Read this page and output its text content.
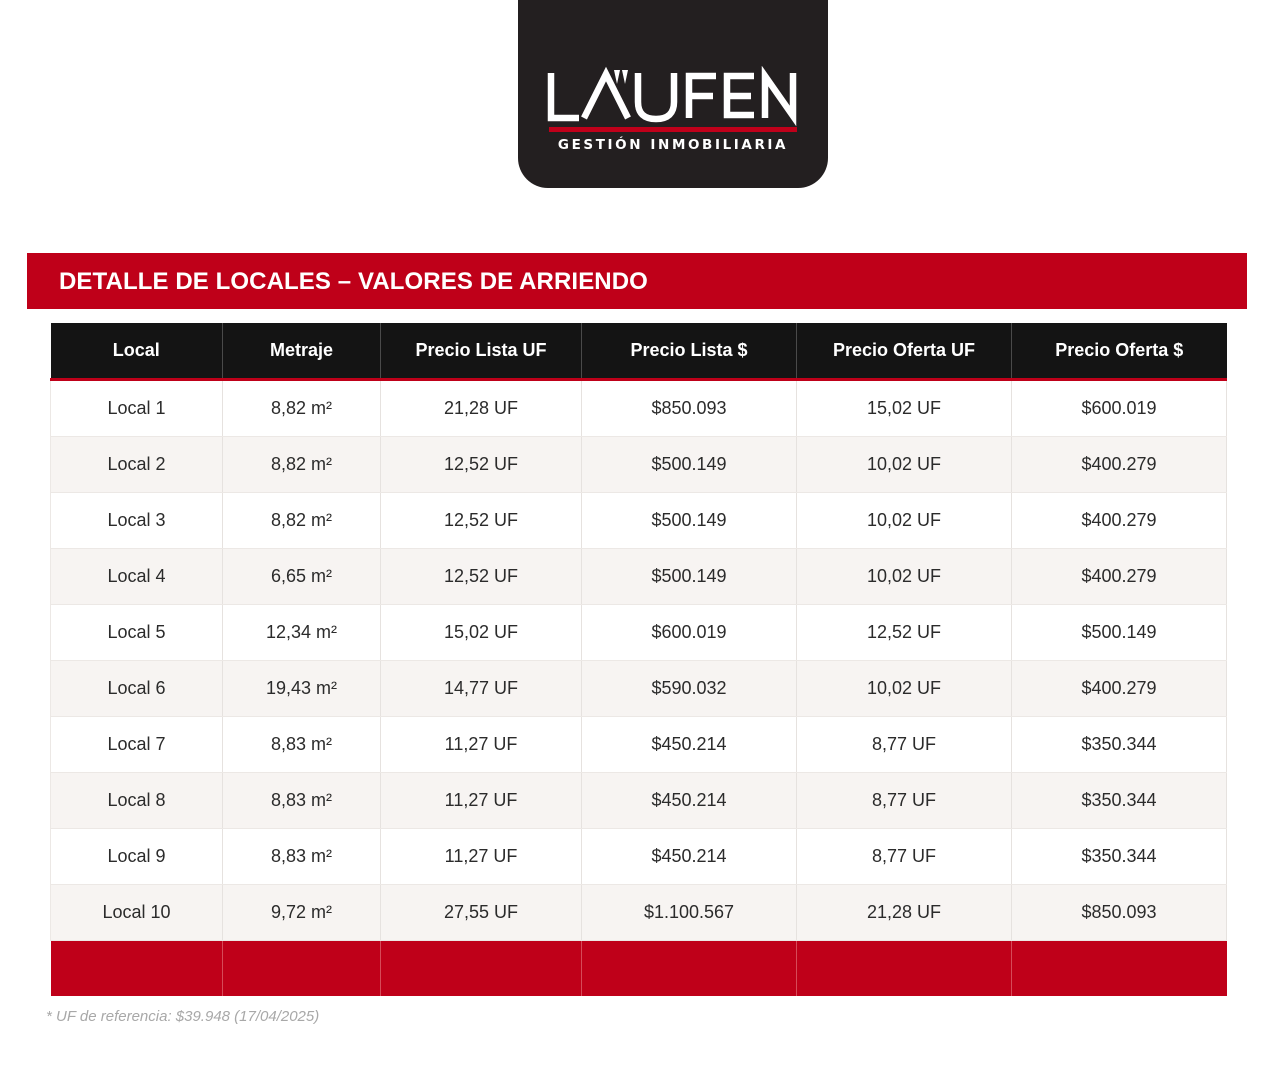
GESTIÓN INMOBILIARIA
DETALLE DE LOCALES – VALORES DE ARRIENDO
Local	Metraje	Precio Lista UF	Precio Lista $	Precio Oferta UF	Precio Oferta $
Local 1	8,82 m²	21,28 UF	$850.093	15,02 UF	$600.019
Local 2	8,82 m²	12,52 UF	$500.149	10,02 UF	$400.279
Local 3	8,82 m²	12,52 UF	$500.149	10,02 UF	$400.279
Local 4	6,65 m²	12,52 UF	$500.149	10,02 UF	$400.279
Local 5	12,34 m²	15,02 UF	$600.019	12,52 UF	$500.149
Local 6	19,43 m²	14,77 UF	$590.032	10,02 UF	$400.279
Local 7	8,83 m²	11,27 UF	$450.214	8,77 UF	$350.344
Local 8	8,83 m²	11,27 UF	$450.214	8,77 UF	$350.344
Local 9	8,83 m²	11,27 UF	$450.214	8,77 UF	$350.344
Local 10	9,72 m²	27,55 UF	$1.100.567	21,28 UF	$850.093

* UF de referencia: $39.948 (17/04/2025)
